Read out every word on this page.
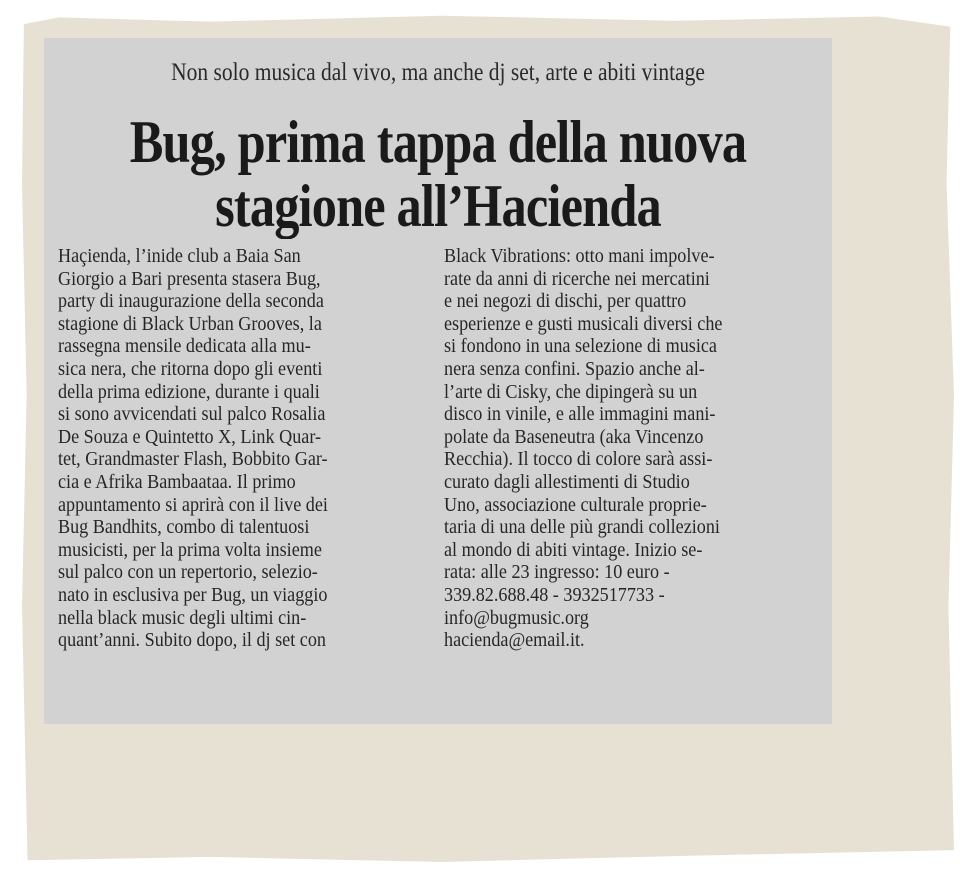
Non solo musica dal vivo, ma anche dj set, arte e abiti vintage
Bug, prima tappa della nuova
stagione all’Hacienda
Haçienda, l’inide club a Baia San
Giorgio a Bari presenta stasera Bug,
party di inaugurazione della seconda
stagione di Black Urban Grooves, la
rassegna mensile dedicata alla mu-
sica nera, che ritorna dopo gli eventi
della prima edizione, durante i quali
si sono avvicendati sul palco Rosalia
De Souza e Quintetto X, Link Quar-
tet, Grandmaster Flash, Bobbito Gar-
cia e Afrika Bambaataa. Il primo
appuntamento si aprirà con il live dei
Bug Bandhits, combo di talentuosi
musicisti, per la prima volta insieme
sul palco con un repertorio, seleziо-
nato in esclusiva per Bug, un viaggio
nella black music degli ultimi cin-
quant’anni. Subito dopo, il dj set con
Black Vibrations: otto mani impolve-
rate da anni di ricerche nei mercatini
e nei negozi di dischi, per quattro
esperienze e gusti musicali diversi che
si fondono in una selezione di musica
nera senza confini. Spazio anche al-
l’arte di Cisky, che dipingerà su un
disco in vinile, e alle immagini mani-
polate da Baseneutra (aka Vincenzo
Recchia). Il tocco di colore sarà assi-
curato dagli allestimenti di Studio
Uno, associazione culturale proprie-
taria di una delle più grandi collezioni
al mondo di abiti vintage. Inizio se-
rata: alle 23 ingresso: 10 euro -
339.82.688.48 - 3932517733 -
info@bugmusic.org
hacienda@email.it.
